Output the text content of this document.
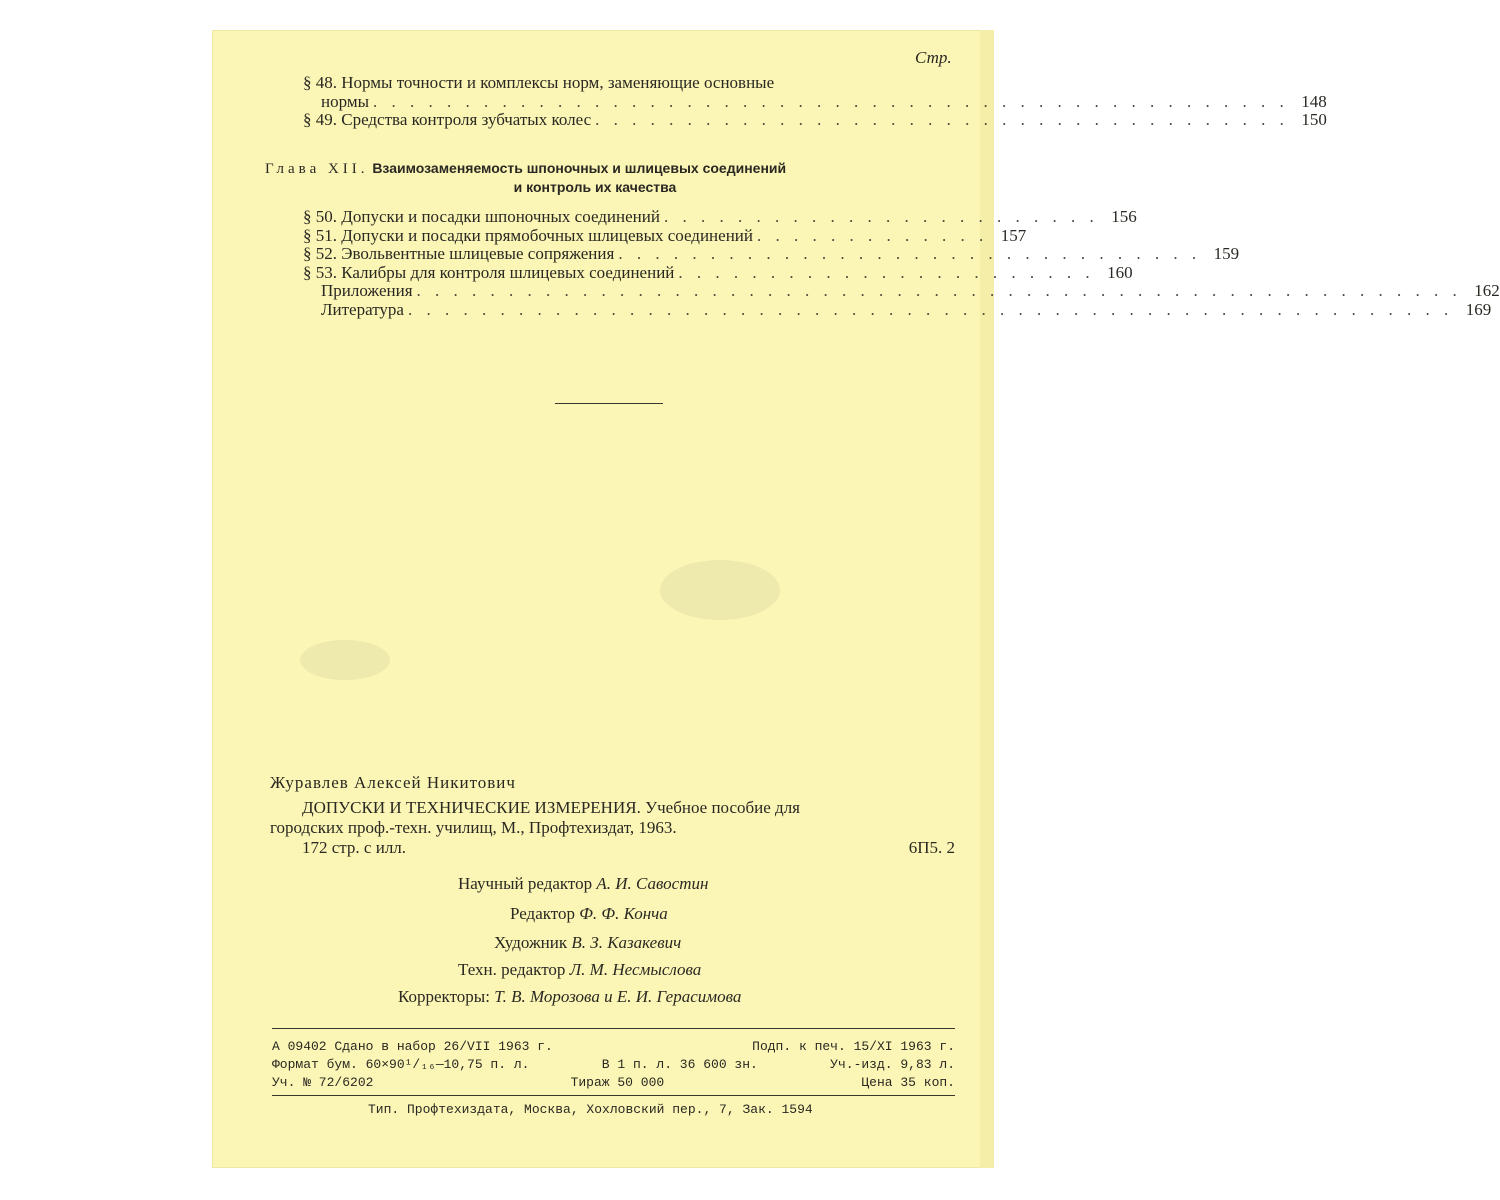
Стр.
§ 48. Нормы точности и комплексы норм, заменяющие основные
нормы . . . . . . . . . . . . . . . . . . . . . . . . . . . . . . . . . . . . . . . . . . . . . . . . . . 148
§ 49. Средства контроля зубчатых колес . . . . . . . . . . . . . . . . . . . . . . . . . . . . . . . . . . . . . . 150
Глава XII. Взаимозаменяемость шпоночных и шлицевых соединений
и контроль их качества
§ 50. Допуски и посадки шпоночных соединений . . . . . . . . . . . . . . . . . . . . . . . . 156
§ 51. Допуски и посадки прямобочных шлицевых соединений . . . . . . . . . . . . . 157
§ 52. Эвольвентные шлицевые сопряжения . . . . . . . . . . . . . . . . . . . . . . . . . . . . . . . . 159
§ 53. Калибры для контроля шлицевых соединений . . . . . . . . . . . . . . . . . . . . . . . 160
Приложения . . . . . . . . . . . . . . . . . . . . . . . . . . . . . . . . . . . . . . . . . . . . . . . . . . . . . . . . . 162
Литература . . . . . . . . . . . . . . . . . . . . . . . . . . . . . . . . . . . . . . . . . . . . . . . . . . . . . . . . . 169
Журавлев Алексей Никитович
ДОПУСКИ И ТЕХНИЧЕСКИЕ ИЗМЕРЕНИЯ. Учебное пособие для
городских проф.-техн. училищ, М., Профтехиздат, 1963.
172 стр. с илл.	6П5. 2
Научный редактор А. И. Савостин
Редактор Ф. Ф. Конча
Художник В. З. Казакевич
Техн. редактор Л. М. Несмыслова
Корректоры: Т. В. Морозова и Е. И. Герасимова
А 09402 Сдано в набор 26/VII 1963 г.	Подп. к печ. 15/XI 1963 г.
Формат бум. 60×90¹/₁₆—10,75 п. л.	В 1 п. л. 36 600 зн.	Уч.-изд. 9,83 л.
Уч. № 72/6202	Тираж 50 000	Цена 35 коп.
Тип. Профтехиздата, Москва, Хохловский пер., 7, Зак. 1594
